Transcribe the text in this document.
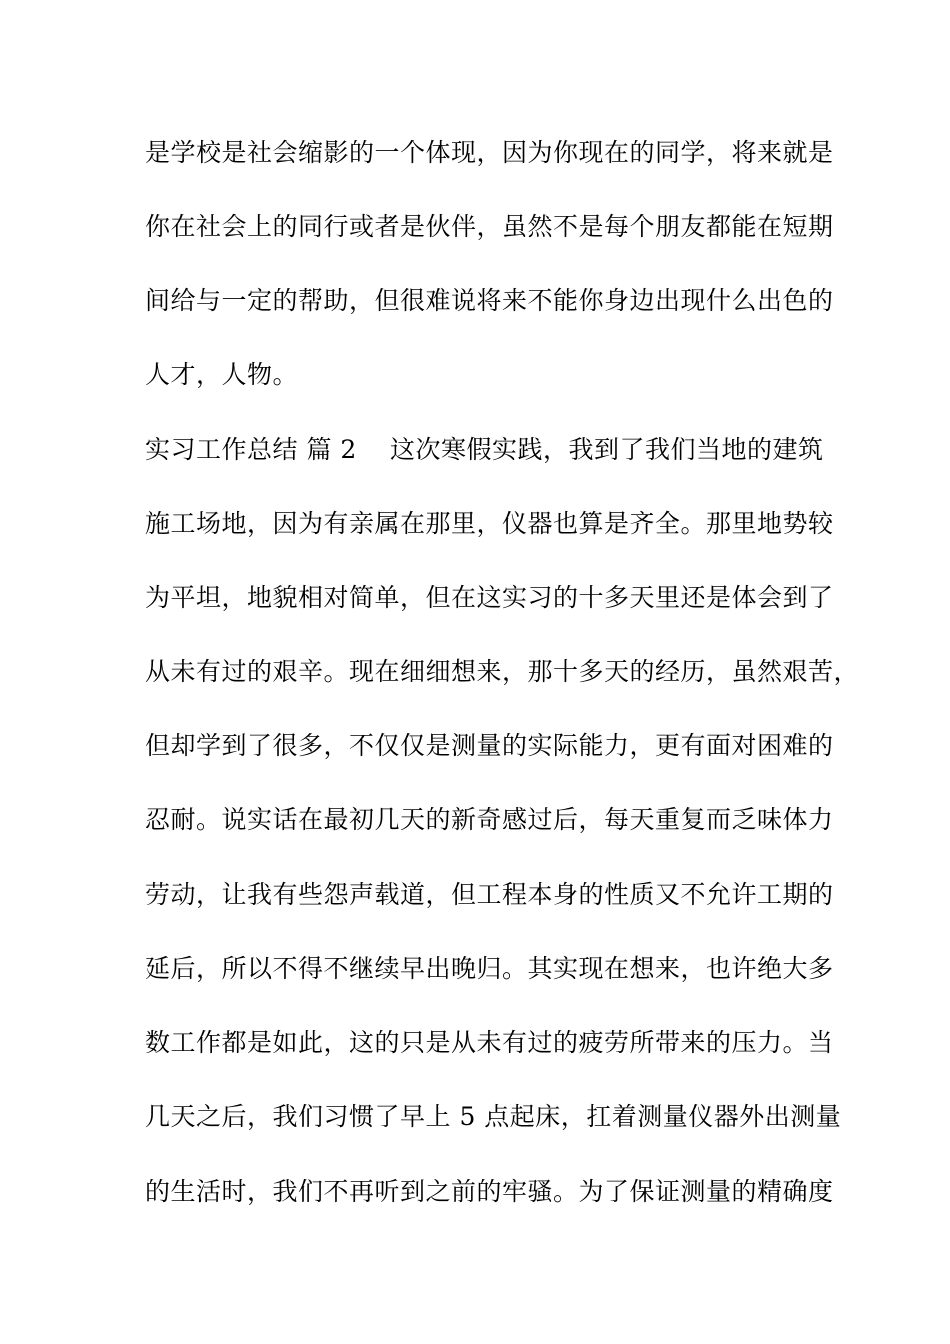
是学校是社会缩影的一个体现，因为你现在的同学，将来就是
你在社会上的同行或者是伙伴，虽然不是每个朋友都能在短期
间给与一定的帮助，但很难说将来不能你身边出现什么出色的
人才，人物。
实习工作总结 篇 2 这次寒假实践，我到了我们当地的建筑
施工场地，因为有亲属在那里，仪器也算是齐全。那里地势较
为平坦，地貌相对简单，但在这实习的十多天里还是体会到了
从未有过的艰辛。现在细细想来，那十多天的经历，虽然艰苦，
但却学到了很多，不仅仅是测量的实际能力，更有面对困难的
忍耐。说实话在最初几天的新奇感过后，每天重复而乏味体力
劳动，让我有些怨声载道，但工程本身的性质又不允许工期的
延后，所以不得不继续早出晚归。其实现在想来，也许绝大多
数工作都是如此，这的只是从未有过的疲劳所带来的压力。当
几天之后，我们习惯了早上 5 点起床，扛着测量仪器外出测量
的生活时，我们不再听到之前的牢骚。为了保证测量的精确度
